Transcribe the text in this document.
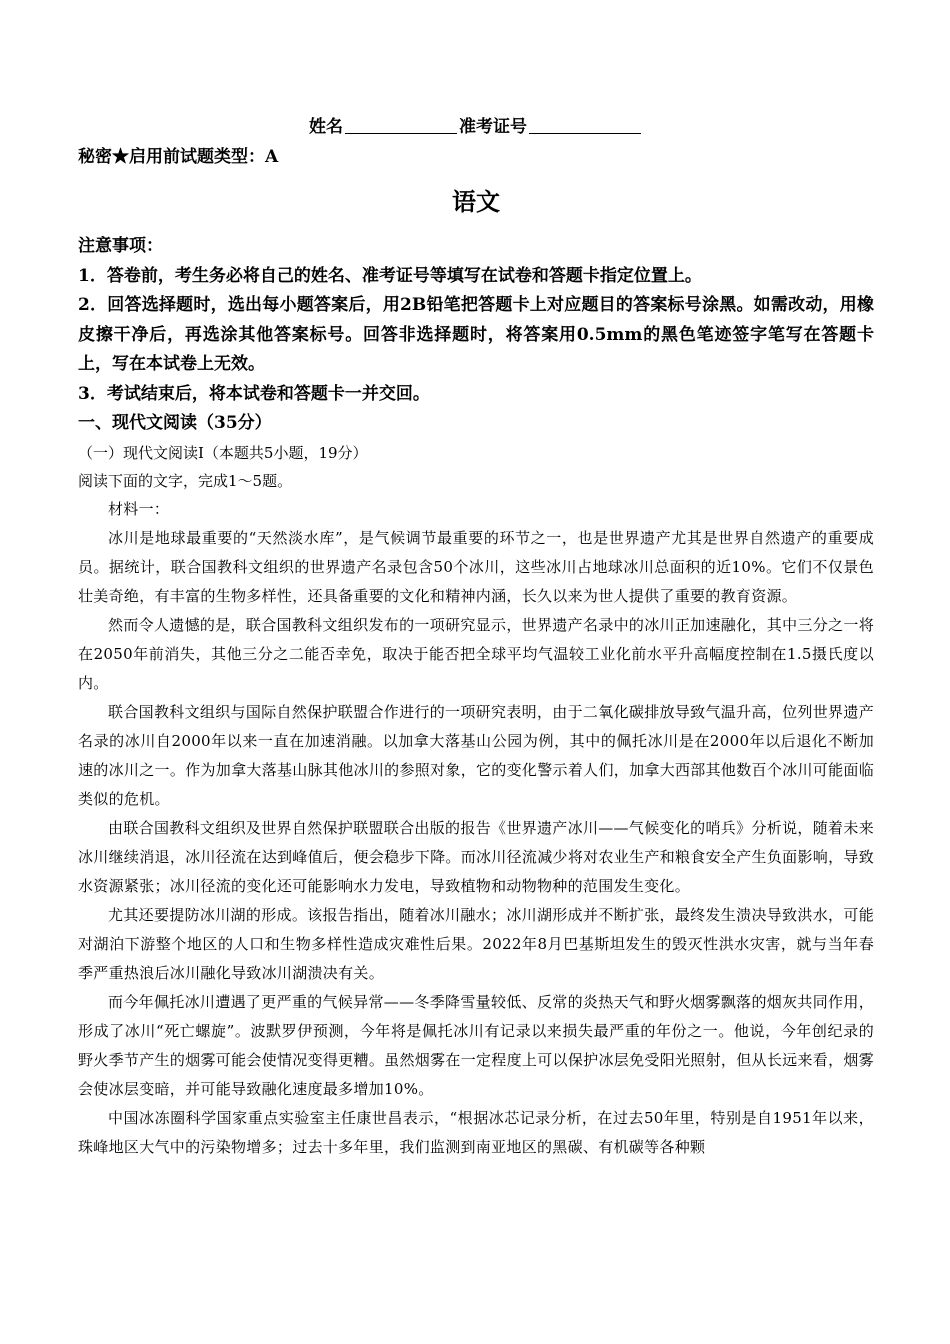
姓名	准考证号
秘密★启用前试题类型：A
语文

注意事项：

1．答卷前，考生务必将自己的姓名、准考证号等填写在试卷和答题卡指定位置上。

2．回答选择题时，选出每小题答案后，用2B铅笔把答题卡上对应题目的答案标号涂黑。如需改动，用橡皮擦干净后，再选涂其他答案标号。回答非选择题时，将答案用0.5mm的黑色笔迹签字笔写在答题卡上，写在本试卷上无效。

3．考试结束后，将本试卷和答题卡一并交回。

一、现代文阅读（35分）

（一）现代文阅读Ⅰ（本题共5小题，19分）

阅读下面的文字，完成1～5题。

材料一：

冰川是地球最重要的“天然淡水库”，是气候调节最重要的环节之一，也是世界遗产尤其是世界自然遗产的重要成员。据统计，联合国教科文组织的世界遗产名录包含50个冰川，这些冰川占地球冰川总面积的近10%。它们不仅景色壮美奇绝，有丰富的生物多样性，还具备重要的文化和精神内涵，长久以来为世人提供了重要的教育资源。

然而令人遗憾的是，联合国教科文组织发布的一项研究显示，世界遗产名录中的冰川正加速融化，其中三分之一将在2050年前消失，其他三分之二能否幸免，取决于能否把全球平均气温较工业化前水平升高幅度控制在1.5摄氏度以内。

联合国教科文组织与国际自然保护联盟合作进行的一项研究表明，由于二氧化碳排放导致气温升高，位列世界遗产名录的冰川自2000年以来一直在加速消融。以加拿大落基山公园为例，其中的佩托冰川是在2000年以后退化不断加速的冰川之一。作为加拿大落基山脉其他冰川的参照对象，它的变化警示着人们，加拿大西部其他数百个冰川可能面临类似的危机。

由联合国教科文组织及世界自然保护联盟联合出版的报告《世界遗产冰川——气候变化的哨兵》分析说，随着未来冰川继续消退，冰川径流在达到峰值后，便会稳步下降。而冰川径流减少将对农业生产和粮食安全产生负面影响，导致水资源紧张；冰川径流的变化还可能影响水力发电，导致植物和动物物种的范围发生变化。

尤其还要提防冰川湖的形成。该报告指出，随着冰川融水；冰川湖形成并不断扩张，最终发生溃决导致洪水，可能对湖泊下游整个地区的人口和生物多样性造成灾难性后果。2022年8月巴基斯坦发生的毁灭性洪水灾害，就与当年春季严重热浪后冰川融化导致冰川湖溃决有关。

而今年佩托冰川遭遇了更严重的气候异常——冬季降雪量较低、反常的炎热天气和野火烟雾飘落的烟灰共同作用，形成了冰川“死亡螺旋”。波默罗伊预测，今年将是佩托冰川有记录以来损失最严重的年份之一。他说，今年创纪录的野火季节产生的烟雾可能会使情况变得更糟。虽然烟雾在一定程度上可以保护冰层免受阳光照射，但从长远来看，烟雾会使冰层变暗，并可能导致融化速度最多增加10%。

中国冰冻圈科学国家重点实验室主任康世昌表示，“根据冰芯记录分析，在过去50年里，特别是自1951年以来，珠峰地区大气中的污染物增多；过去十多年里，我们监测到南亚地区的黑碳、有机碳等各种颗
